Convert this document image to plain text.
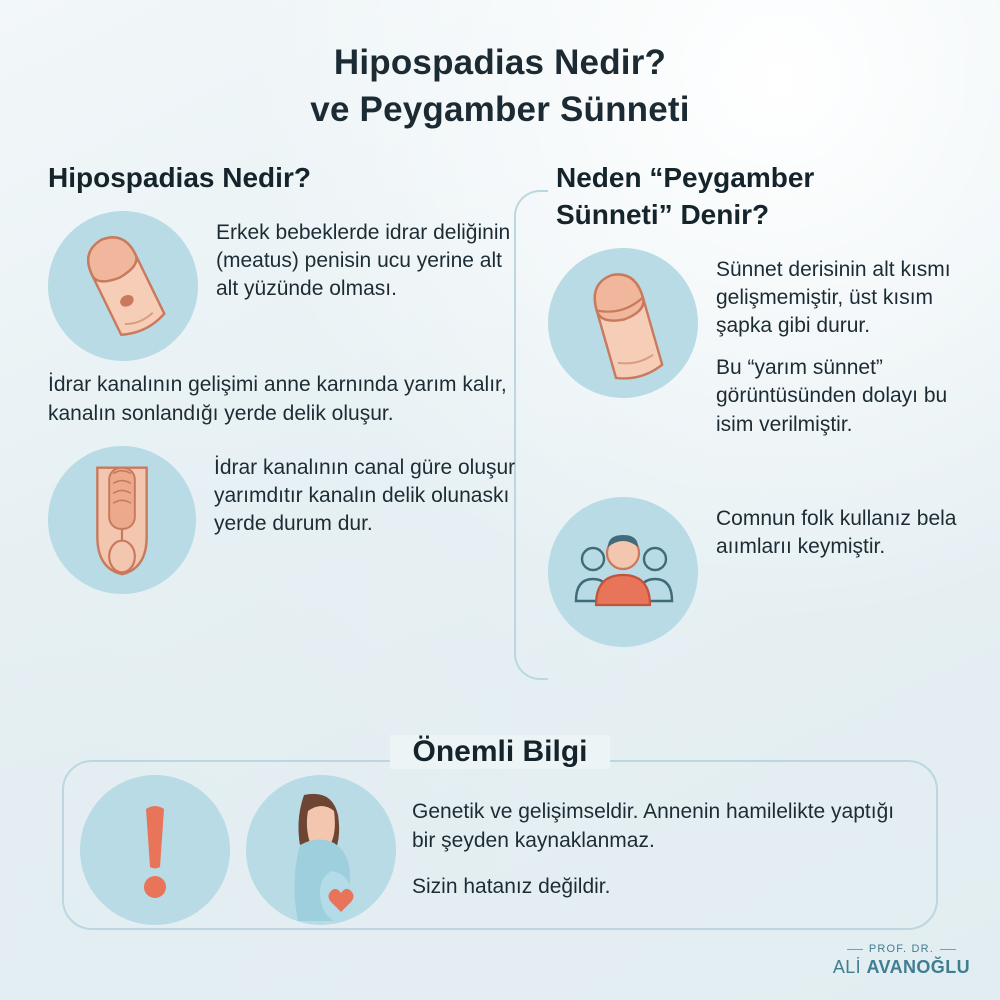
Hipospadias Nedir?
ve Peygamber Sünneti
Hipospadias Nedir?

Erkek bebeklerde idrar deliğinin (meatus) penisin ucu yerine alt alt yüzünde olması.

İdrar kanalının gelişimi anne karnında yarım kalır, kanalın sonlandığı yerde delik oluşur.

İdrar kanalının canal güre oluşur yarımdıtır kanalın delik olunaskı yerde durum dur.

Neden “Peygamber
Sünneti” Denir?

Sünnet derisinin alt kısmı gelişmemiştir, üst kısım şapka gibi durur.

Bu “yarım sünnet” görüntüsünden dolayı bu isim verilmiştir.

Comnun folk kullanız bela aıımlarıı keymiştir.

Önemli Bilgi

Genetik ve gelişimseldir. Annenin hamilelikte yaptığı bir şeyden kaynaklanmaz.

Sizin hatanız değildir.

PROF. DR.
ALİ AVANOĞLU
